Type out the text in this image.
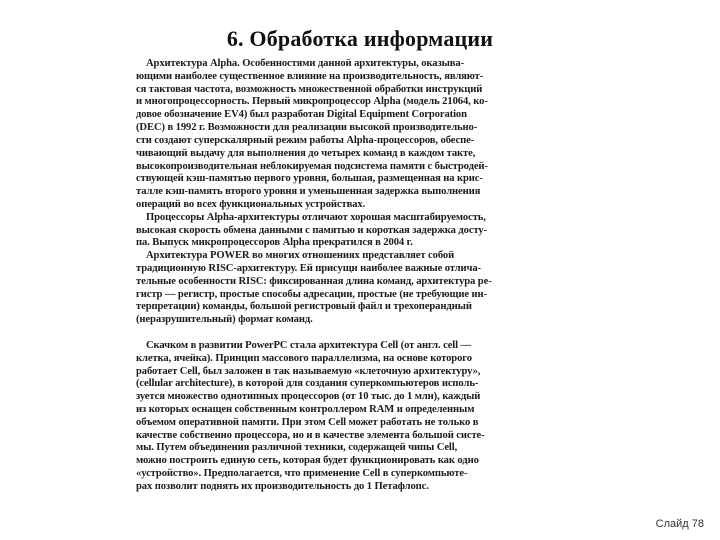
6. Обработка информации
Архитектура Alpha. Особенностями данной архитектуры, оказыва-
ющими наиболее существенное влияние на производительность, являют-
ся тактовая частота, возможность множественной обработки инструкций
и многопроцессорность. Первый микропроцессор Alpha (модель 21064, ко-
довое обозначение EV4) был разработан Digital Equipment Corporation
(DEC) в 1992 г. Возможности для реализации высокой производительно-
сти создают суперскалярный режим работы Alpha-процессоров, обеспе-
чивающий выдачу для выполнения до четырех команд в каждом такте,
высокопроизводительная неблокируемая подсистема памяти с быстродей-
ствующей кэш-памятью первого уровня, большая, размещенная на крис-
талле кэш-память второго уровня и уменьшенная задержка выполнения
операций во всех функциональных устройствах.
Процессоры Alpha-архитектуры отличают хорошая масштабируемость,
высокая скорость обмена данными с памятью и короткая задержка досту-
па. Выпуск микропроцессоров Alpha прекратился в 2004 г.
Архитектура POWER во многих отношениях представляет собой
традиционную RISC-архитектуру. Ей присущи наиболее важные отлича-
тельные особенности RISC: фиксированная длина команд, архитектура ре-
гистр — регистр, простые способы адресации, простые (не требующие ин-
терпретации) команды, большой регистровый файл и трехоперандный
(неразрушительный) формат команд.
Скачком в развитии PowerPC стала архитектура Cell (от англ. cell —
клетка, ячейка). Принцип массового параллелизма, на основе которого
работает Cell, был заложен в так называемую «клеточную архитектуру»,
(cellular architecture), в которой для создания суперкомпьютеров исполь-
зуется множество однотипных процессоров (от 10 тыс. до 1 млн), каждый
из которых оснащен собственным контроллером RAM и определенным
объемом оперативной памяти. При этом Cell может работать не только в
качестве собственно процессора, но и в качестве элемента большой систе-
мы. Путем объединения различной техники, содержащей чипы Cell,
можно построить единую сеть, которая будет функционировать как одно
«устройство». Предполагается, что применение Cell в суперкомпьюте-
рах позволит поднять их производительность до 1 Петафлопс.
Слайд 78
